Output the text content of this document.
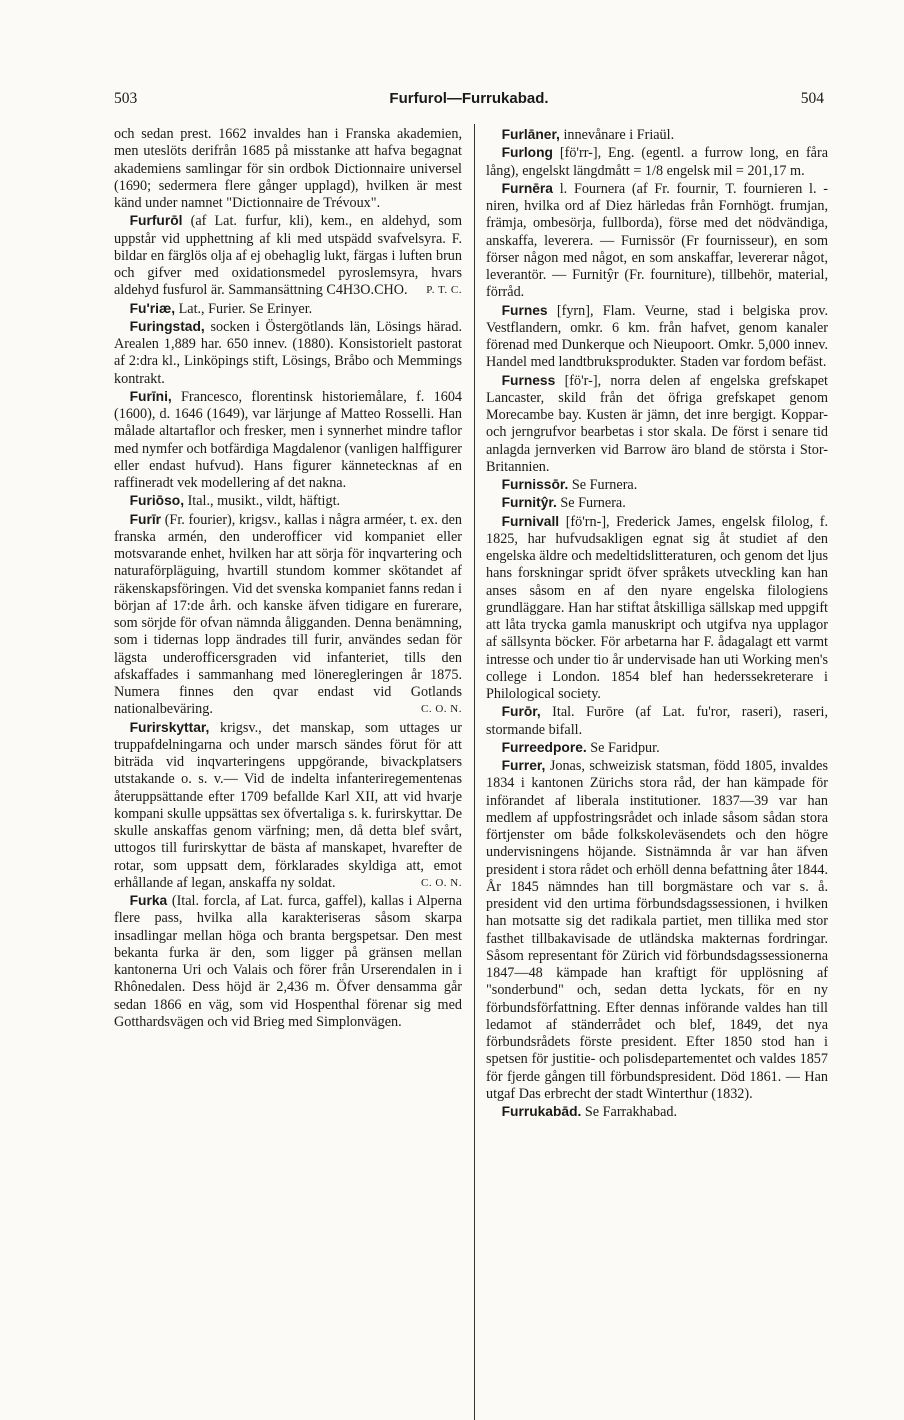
503	Furfurol—Furrukabad.	504

och sedan prest. 1662 invaldes han i Franska akademien, men uteslöts derifrån 1685 på misstanke att hafva begagnat akademiens samlingar för sin ordbok Dictionnaire universel (1690; sedermera flere gånger upplagd), hvilken är mest känd under namnet "Dictionnaire de Trévoux".

Furfurōl (af Lat. furfur, kli), kem., en aldehyd, som uppstår vid upphettning af kli med utspädd svafvelsyra. F. bildar en färglös olja af ej obehaglig lukt, färgas i luften brun och gifver med oxidationsmedel pyroslemsyra, hvars aldehyd fusfurol är. Sammansättning C4H3O.CHO.	P. T. C.

Fu'riæ, Lat., Furier. Se Erinyer.

Furingstad, socken i Östergötlands län, Lösings härad. Arealen 1,889 har. 650 innev. (1880). Konsistorielt pastorat af 2:dra kl., Linköpings stift, Lösings, Bråbo och Memmings kontrakt.

Furīni, Francesco, florentinsk historiemålare, f. 1604 (1600), d. 1646 (1649), var lärjunge af Matteo Rosselli. Han målade altartaflor och fresker, men i synnerhet mindre taflor med nymfer och botfärdiga Magdalenor (vanligen halffigurer eller endast hufvud). Hans figurer kännetecknas af en raffineradt vek modellering af det nakna.

Furiōso, Ital., musikt., vildt, häftigt.

Furīr (Fr. fourier), krigsv., kallas i några arméer, t. ex. den franska armén, den underofficer vid kompaniet eller motsvarande enhet, hvilken har att sörja för inqvartering och naturaförpläguing, hvartill stundom kommer skötandet af räkenskapsföringen. Vid det svenska kompaniet fanns redan i början af 17:de årh. och kanske äfven tidigare en furerare, som sörjde för ofvan nämnda åligganden. Denna benämning, som i tidernas lopp ändrades till furir, användes sedan för lägsta underofficersgraden vid infanteriet, tills den afskaffades i sammanhang med löneregleringen år 1875. Numera finnes den qvar endast vid Gotlands nationalbeväring.	C. O. N.

Furirskyttar, krigsv., det manskap, som uttages ur truppafdelningarna och under marsch sändes förut för att biträda vid inqvarteringens uppgörande, bivackplatsers utstakande o. s. v.— Vid de indelta infanteriregementenas återuppsättande efter 1709 befallde Karl XII, att vid hvarje kompani skulle uppsättas sex öfvertaliga s. k. furirskyttar. De skulle anskaffas genom värfning; men, då detta blef svårt, uttogos till furirskyttar de bästa af manskapet, hvarefter de rotar, som uppsatt dem, förklarades skyldiga att, emot erhållande af legan, anskaffa ny soldat.	C. O. N.

Furka (Ital. forcla, af Lat. furca, gaffel), kallas i Alperna flere pass, hvilka alla karakteriseras såsom skarpa insadlingar mellan höga och branta bergspetsar. Den mest bekanta furka är den, som ligger på gränsen mellan kantonerna Uri och Valais och förer från Urserendalen in i Rhônedalen. Dess höjd är 2,436 m. Öfver densamma går sedan 1866 en väg, som vid Hospenthal förenar sig med Gotthardsvägen och vid Brieg med Simplonvägen.

Furlāner, innevånare i Friaül.

Furlong [fö'rr-], Eng. (egentl. a furrow long, en fåra lång), engelskt längdmått = 1/8 engelsk mil = 201,17 m.

Furnēra l. Fournera (af Fr. fournir, T. fournieren l. -niren, hvilka ord af Diez härledas från Fornhögt. frumjan, främja, ombesörja, fullborda), förse med det nödvändiga, anskaffa, leverera. — Furnissör (Fr fournisseur), en som förser någon med något, en som anskaffar, levererar något, leverantör. — Furnitŷr (Fr. fourniture), tillbehör, material, förråd.

Furnes [fyrn], Flam. Veurne, stad i belgiska prov. Vestflandern, omkr. 6 km. från hafvet, genom kanaler förenad med Dunkerque och Nieupoort. Omkr. 5,000 innev. Handel med landtbruksprodukter. Staden var fordom befäst.

Furness [fö'r-], norra delen af engelska grefskapet Lancaster, skild från det öfriga grefskapet genom Morecambe bay. Kusten är jämn, det inre bergigt. Koppar- och jerngrufvor bearbetas i stor skala. De först i senare tid anlagda jernverken vid Barrow äro bland de största i Stor-Britannien.

Furnissōr. Se Furnera.

Furnitŷr. Se Furnera.

Furnivall [fö'rn-], Frederick James, engelsk filolog, f. 1825, har hufvudsakligen egnat sig åt studiet af den engelska äldre och medeltidslitteraturen, och genom det ljus hans forskningar spridt öfver språkets utveckling kan han anses såsom en af den nyare engelska filologiens grundläggare. Han har stiftat åtskilliga sällskap med uppgift att låta trycka gamla manuskript och utgifva nya upplagor af sällsynta böcker. För arbetarna har F. ådagalagt ett varmt intresse och under tio år undervisade han uti Working men's college i London. 1854 blef han hederssekreterare i Philological society.

Furōr, Ital. Furōre (af Lat. fu'ror, raseri), raseri, stormande bifall.

Furreedpore. Se Faridpur.

Furrer, Jonas, schweizisk statsman, född 1805, invaldes 1834 i kantonen Zürichs stora råd, der han kämpade för införandet af liberala institutioner. 1837—39 var han medlem af uppfostringsrådet och inlade såsom sådan stora förtjenster om både folkskoleväsendets och den högre undervisningens höjande. Sistnämnda år var han äfven president i stora rådet och erhöll denna befattning åter 1844. År 1845 nämndes han till borgmästare och var s. å. president vid den urtima förbundsdagssessionen, i hvilken han motsatte sig det radikala partiet, men tillika med stor fasthet tillbakavisade de utländska makternas fordringar. Såsom representant för Zürich vid förbundsdagssessionerna 1847—48 kämpade han kraftigt för upplösning af "sonderbund" och, sedan detta lyckats, för en ny förbundsförfattning. Efter dennas införande valdes han till ledamot af ständerrådet och blef, 1849, det nya förbundsrådets förste president. Efter 1850 stod han i spetsen för justitie- och polisdepartementet och valdes 1857 för fjerde gången till förbundspresident. Död 1861. — Han utgaf Das erbrecht der stadt Winterthur (1832).

Furrukabād. Se Farrakhabad.
